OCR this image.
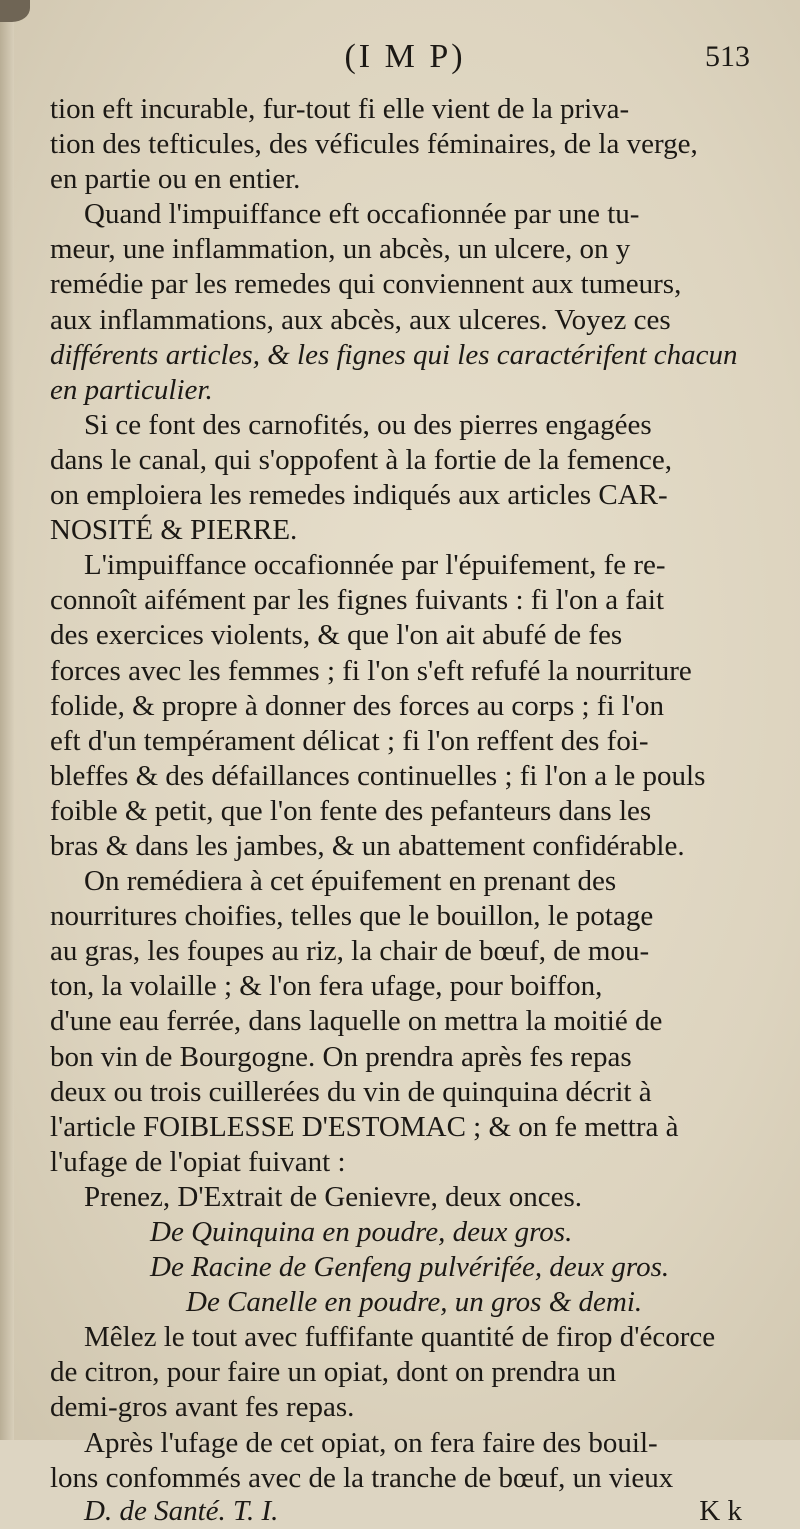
(I M P)	513
tion eft incurable, fur-tout fi elle vient de la priva-
tion des tefticules, des véficules féminaires, de la verge,
en partie ou en entier.
Quand l'impuiffance eft occafionnée par une tu-
meur, une inflammation, un abcès, un ulcere, on y
remédie par les remedes qui conviennent aux tumeurs,
aux inflammations, aux abcès, aux ulceres. Voyez ces
différents articles, & les fignes qui les caractérifent chacun
en particulier.
Si ce font des carnofités, ou des pierres engagées
dans le canal, qui s'oppofent à la fortie de la femence,
on emploiera les remedes indiqués aux articles CAR-
NOSITÉ & PIERRE.
L'impuiffance occafionnée par l'épuifement, fe re-
connoît aifément par les fignes fuivants : fi l'on a fait
des exercices violents, & que l'on ait abufé de fes
forces avec les femmes ; fi l'on s'eft refufé la nourriture
folide, & propre à donner des forces au corps ; fi l'on
eft d'un tempérament délicat ; fi l'on reffent des foi-
bleffes & des défaillances continuelles ; fi l'on a le pouls
foible & petit, que l'on fente des pefanteurs dans les
bras & dans les jambes, & un abattement confidérable.
On remédiera à cet épuifement en prenant des
nourritures choifies, telles que le bouillon, le potage
au gras, les foupes au riz, la chair de bœuf, de mou-
ton, la volaille ; & l'on fera ufage, pour boiffon,
d'une eau ferrée, dans laquelle on mettra la moitié de
bon vin de Bourgogne. On prendra après fes repas
deux ou trois cuillerées du vin de quinquina décrit à
l'article FOIBLESSE D'ESTOMAC ; & on fe mettra à
l'ufage de l'opiat fuivant :
Prenez, D'Extrait de Genievre, deux onces.
De Quinquina en poudre, deux gros.
De Racine de Genfeng pulvérifée, deux gros.
De Canelle en poudre, un gros & demi.
Mêlez le tout avec fuffifante quantité de firop d'écorce
de citron, pour faire un opiat, dont on prendra un
demi-gros avant fes repas.
Après l'ufage de cet opiat, on fera faire des bouil-
lons confommés avec de la tranche de bœuf, un vieux
D. de Santé. T. I.	K k
